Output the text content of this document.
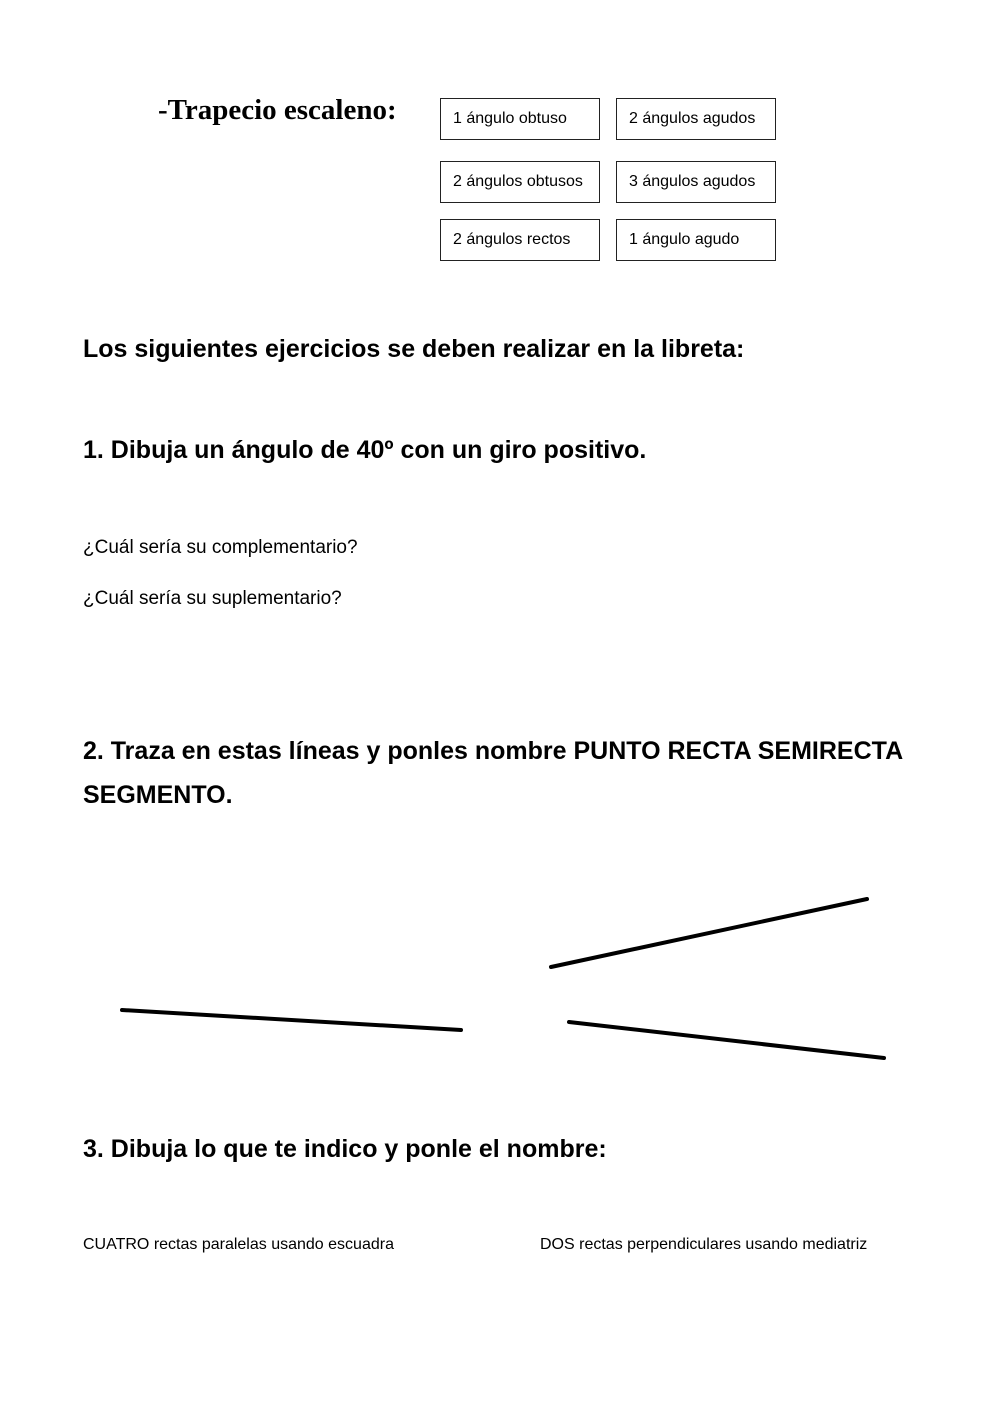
-Trapecio escaleno:	1 ángulo obtuso	2 ángulos agudos
2 ángulos obtusos	3 ángulos agudos
2 ángulos rectos	1 ángulo agudo
Los siguientes ejercicios se deben realizar en la libreta:
1. Dibuja un ángulo de 40º con un giro positivo.
¿Cuál sería su complementario?
¿Cuál sería su suplementario?
2. Traza en estas líneas y ponles nombre PUNTO RECTA SEMIRECTA
SEGMENTO.
3. Dibuja lo que te indico y ponle el nombre:
CUATRO rectas paralelas usando escuadra	DOS rectas perpendiculares usando mediatriz
